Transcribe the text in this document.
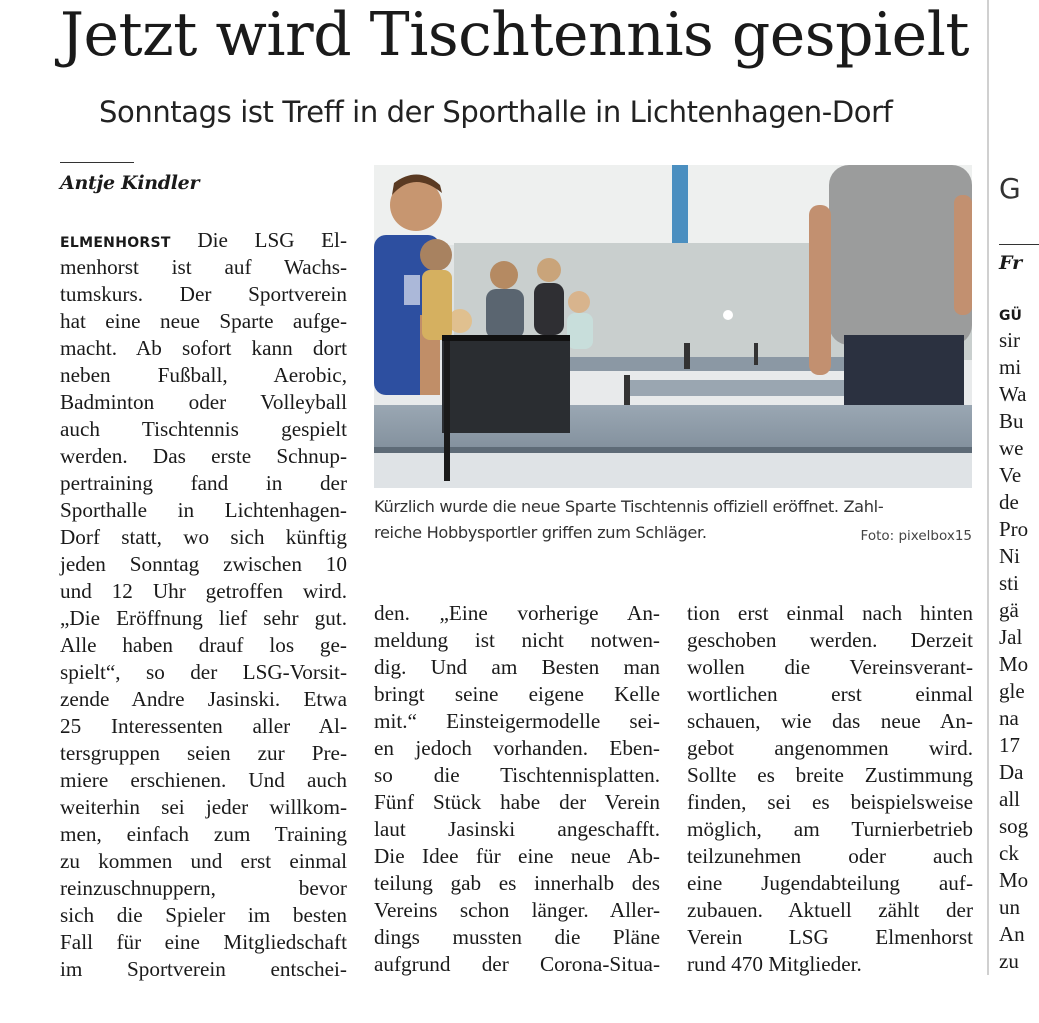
Jetzt wird Tischtennis gespielt
Sonntags ist Treff in der Sporthalle in Lichtenhagen-Dorf
Antje Kindler
ELMENHORST Die LSG El-
menhorst ist auf Wachs-
tumskurs. Der Sportverein
hat eine neue Sparte aufge-
macht. Ab sofort kann dort
neben Fußball, Aerobic,
Badminton oder Volleyball
auch Tischtennis gespielt
werden. Das erste Schnup-
pertraining fand in der
Sporthalle in Lichtenhagen-
Dorf statt, wo sich künftig
jeden Sonntag zwischen 10
und 12 Uhr getroffen wird.
„Die Eröffnung lief sehr gut.
Alle haben drauf los ge-
spielt“, so der LSG-Vorsit-
zende Andre Jasinski. Etwa
25 Interessenten aller Al-
tersgruppen seien zur Pre-
miere erschienen. Und auch
weiterhin sei jeder willkom-
men, einfach zum Training
zu kommen und erst einmal
reinzuschnuppern, bevor
sich die Spieler im besten
Fall für eine Mitgliedschaft
im Sportverein entschei-
Kürzlich wurde die neue Sparte Tischtennis offiziell eröffnet. Zahl-
reiche Hobbysportler griffen zum Schläger.	Foto: pixelbox15
den. „Eine vorherige An-
meldung ist nicht notwen-
dig. Und am Besten man
bringt seine eigene Kelle
mit.“ Einsteigermodelle sei-
en jedoch vorhanden. Eben-
so die Tischtennisplatten.
Fünf Stück habe der Verein
laut Jasinski angeschafft.
Die Idee für eine neue Ab-
teilung gab es innerhalb des
Vereins schon länger. Aller-
dings mussten die Pläne
aufgrund der Corona-Situa-
tion erst einmal nach hinten
geschoben werden. Derzeit
wollen die Vereinsverant-
wortlichen erst einmal
schauen, wie das neue An-
gebot angenommen wird.
Sollte es breite Zustimmung
finden, sei es beispielsweise
möglich, am Turnierbetrieb
teilzunehmen oder auch
eine Jugendabteilung auf-
zubauen. Aktuell zählt der
Verein LSG Elmenhorst
rund 470 Mitglieder.
G
Fr
GÜ
sir
mi
Wa
Bu
we
Ve
de
Pro
Ni
sti
gä
Jal
Mo
gle
na
17
Da
all
sog
ck
Mo
un
An
zu
